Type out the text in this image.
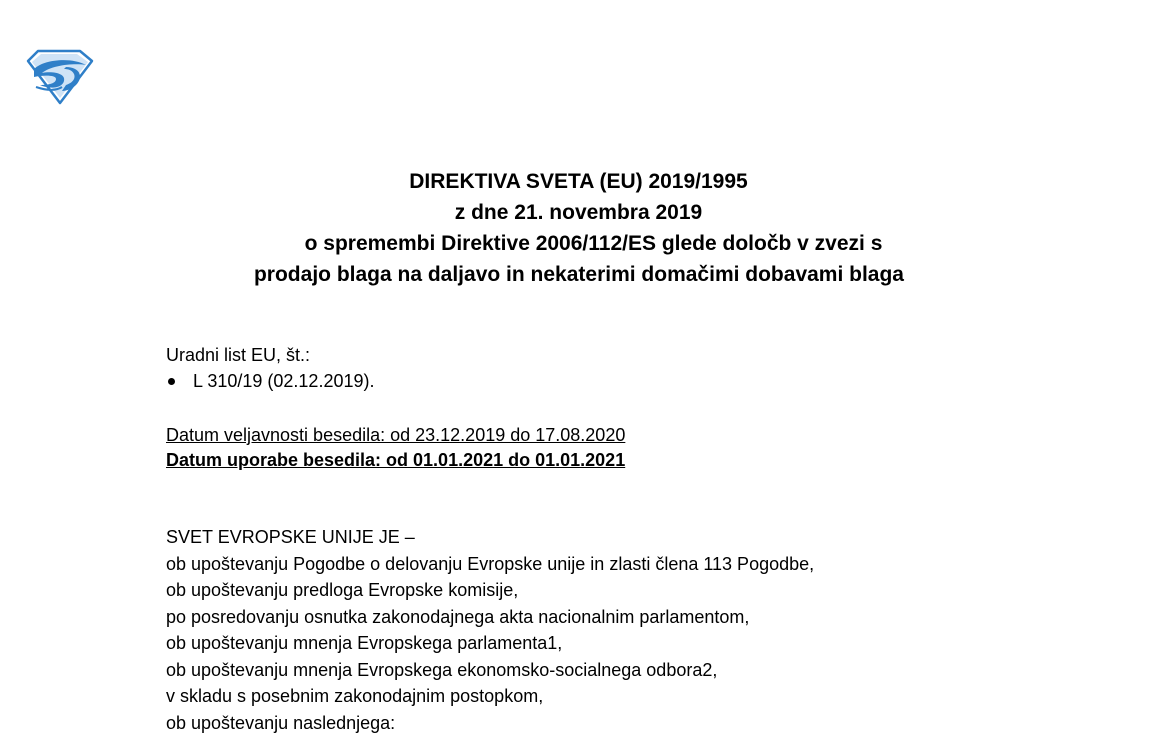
DIREKTIVA SVETA (EU) 2019/1995
z dne 21. novembra 2019
o spremembi Direktive 2006/112/ES glede določb v zvezi s
prodajo blaga na daljavo in nekaterimi domačimi dobavami blaga
Uradni list EU, št.:
L 310/19 (02.12.2019).
Datum veljavnosti besedila: od 23.12.2019 do 17.08.2020
Datum uporabe besedila: od 01.01.2021 do 01.01.2021
SVET EVROPSKE UNIJE JE –
ob upoštevanju Pogodbe o delovanju Evropske unije in zlasti člena 113 Pogodbe,
ob upoštevanju predloga Evropske komisije,
po posredovanju osnutka zakonodajnega akta nacionalnim parlamentom,
ob upoštevanju mnenja Evropskega parlamenta1,
ob upoštevanju mnenja Evropskega ekonomsko-socialnega odbora2,
v skladu s posebnim zakonodajnim postopkom,
ob upoštevanju naslednjega:
